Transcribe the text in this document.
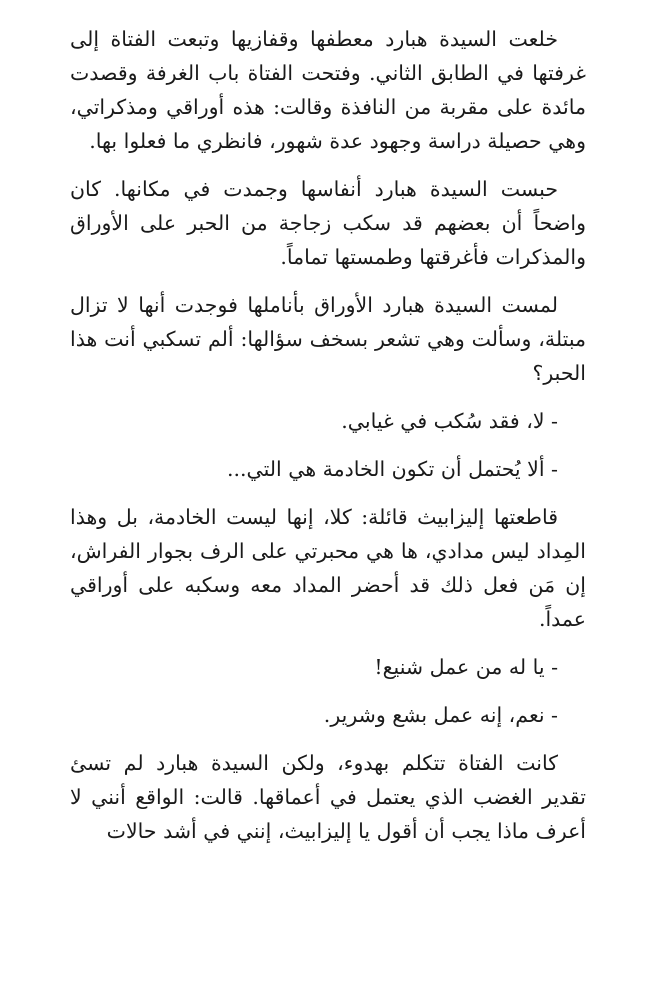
خلعت السيدة هبارد معطفها وقفازيها وتبعت الفتاة إلى غرفتها في الطابق الثاني. وفتحت الفتاة باب الغرفة وقصدت مائدة على مقربة من النافذة وقالت: هذه أوراقي ومذكراتي، وهي حصيلة دراسة وجهود عدة شهور، فانظري ما فعلوا بها.

حبست السيدة هبارد أنفاسها وجمدت في مكانها. كان واضحاً أن بعضهم قد سكب زجاجة من الحبر على الأوراق والمذكرات فأغرقتها وطمستها تماماً.

لمست السيدة هبارد الأوراق بأناملها فوجدت أنها لا تزال مبتلة، وسألت وهي تشعر بسخف سؤالها: ألم تسكبي أنت هذا الحبر؟

- لا، فقد سُكب في غيابي.

- ألا يُحتمل أن تكون الخادمة هي التي...

قاطعتها إليزابيث قائلة: كلا، إنها ليست الخادمة، بل وهذا المِداد ليس مدادي، ها هي محبرتي على الرف بجوار الفراش، إن مَن فعل ذلك قد أحضر المداد معه وسكبه على أوراقي عمداً.

- يا له من عمل شنيع!

- نعم، إنه عمل بشع وشرير.

كانت الفتاة تتكلم بهدوء، ولكن السيدة هبارد لم تسئ تقدير الغضب الذي يعتمل في أعماقها. قالت: الواقع أنني لا أعرف ماذا يجب أن أقول يا إليزابيث، إنني في أشد حالات
